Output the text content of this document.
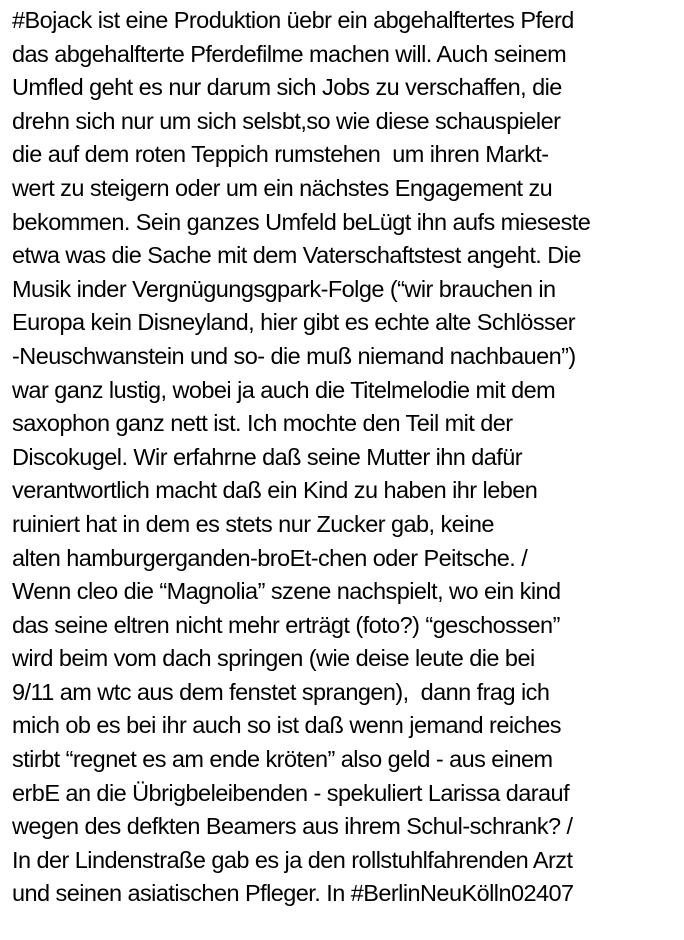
#Bojack ist eine Produktion üebr ein abgehalftertes Pferd
das abgehalfterte Pferdefilme machen will. Auch seinem
Umfled geht es nur darum sich Jobs zu verschaffen, die
drehn sich nur um sich selsbt,so wie diese schauspieler
die auf dem roten Teppich rumstehen  um ihren Markt-
wert zu steigern oder um ein nächstes Engagement zu
bekommen. Sein ganzes Umfeld beLügt ihn aufs mieseste
etwa was die Sache mit dem Vaterschaftstest angeht. Die
Musik inder Vergnügungsgpark-Folge (“wir brauchen in
Europa kein Disneyland, hier gibt es echte alte Schlösser
-Neuschwanstein und so- die muß niemand nachbauen”)
war ganz lustig, wobei ja auch die Titelmelodie mit dem
saxophon ganz nett ist. Ich mochte den Teil mit der
Discokugel. Wir erfahrne daß seine Mutter ihn dafür
verantwortlich macht daß ein Kind zu haben ihr leben
ruiniert hat in dem es stets nur Zucker gab, keine
alten hamburgerganden-broEt-chen oder Peitsche. /
Wenn cleo die “Magnolia” szene nachspielt, wo ein kind
das seine eltren nicht mehr erträgt (foto?) “geschossen”
wird beim vom dach springen (wie deise leute die bei
9/11 am wtc aus dem fenstet sprangen),  dann frag ich
mich ob es bei ihr auch so ist daß wenn jemand reiches
stirbt “regnet es am ende kröten” also geld - aus einem
erbE an die Übrigbeleibenden - spekuliert Larissa darauf
wegen des defkten Beamers aus ihrem Schul-schrank? /
In der Lindenstraße gab es ja den rollstuhlfahrenden Arzt
und seinen asiatischen Pfleger. In #BerlinNeuKölln02407
